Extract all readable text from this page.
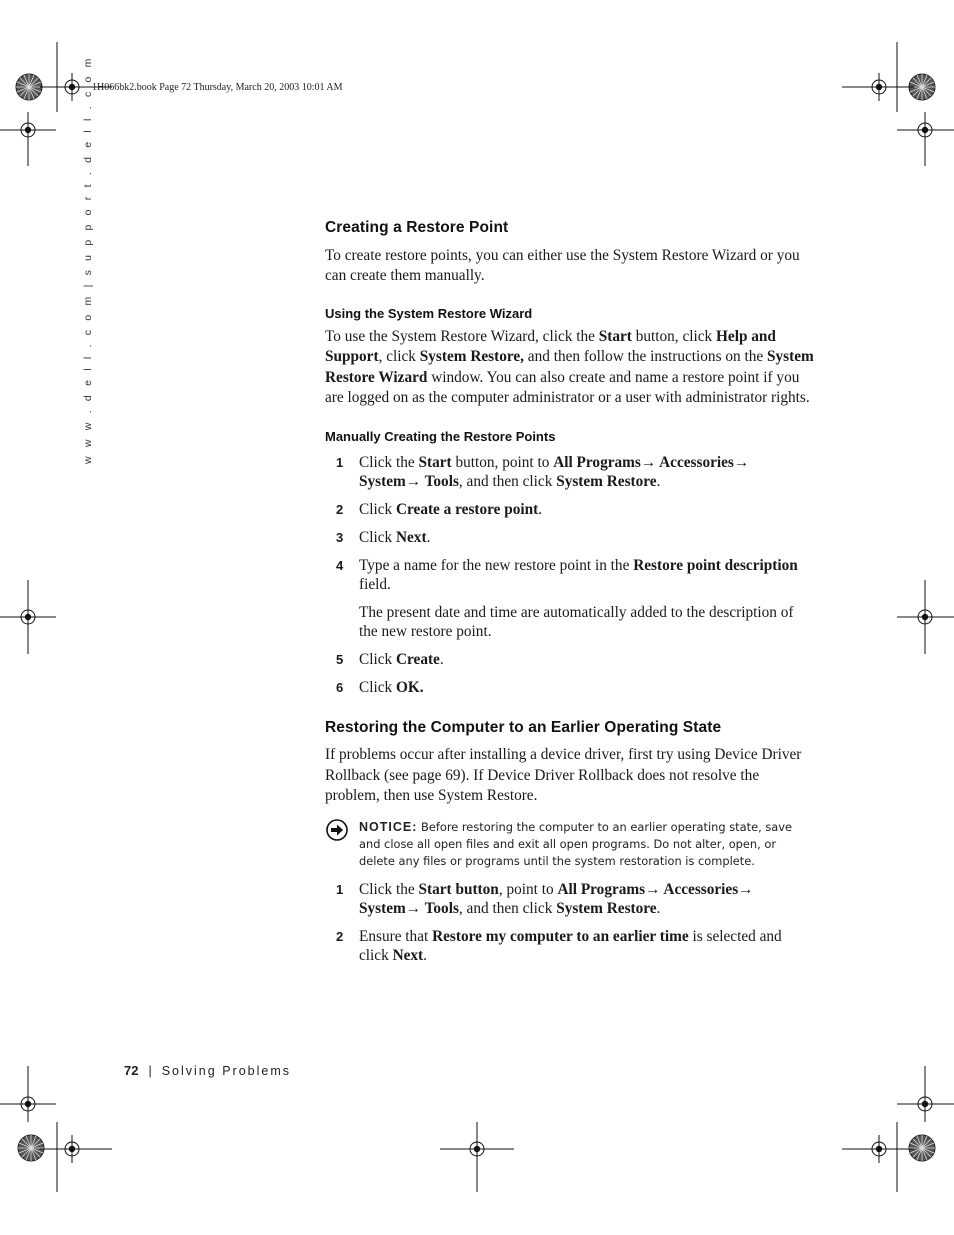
1H066bk2.book Page 72 Thursday, March 20, 2003 10:01 AM
w w w . d e l l . c o m | s u p p o r t . d e l l . c o m	Creating a Restore Point

To create restore points, you can either use the System Restore Wizard or you can create them manually.

Using the System Restore Wizard

To use the System Restore Wizard, click the Start button, click Help and Support, click System Restore, and then follow the instructions on the System Restore Wizard window. You can also create and name a restore point if you are logged on as the computer administrator or a user with administrator rights.

Manually Creating the Restore Points
1 Click the Start button, point to All Programs→ Accessories→ System→ Tools, and then click System Restore.
2 Click Create a restore point.
3 Click Next.
4 Type a name for the new restore point in the Restore point description field.
The present date and time are automatically added to the description of the new restore point.
5 Click Create.
6 Click OK.
Restoring the Computer to an Earlier Operating State

If problems occur after installing a device driver, first try using Device Driver Rollback (see page 69). If Device Driver Rollback does not resolve the problem, then use System Restore.

NOTICE: Before restoring the computer to an earlier operating state, save and close all open files and exit all open programs. Do not alter, open, or delete any files or programs until the system restoration is complete.
1 Click the Start button, point to All Programs→ Accessories→ System→ Tools, and then click System Restore.
2 Ensure that Restore my computer to an earlier time is selected and click Next.
72 | Solving Problems
